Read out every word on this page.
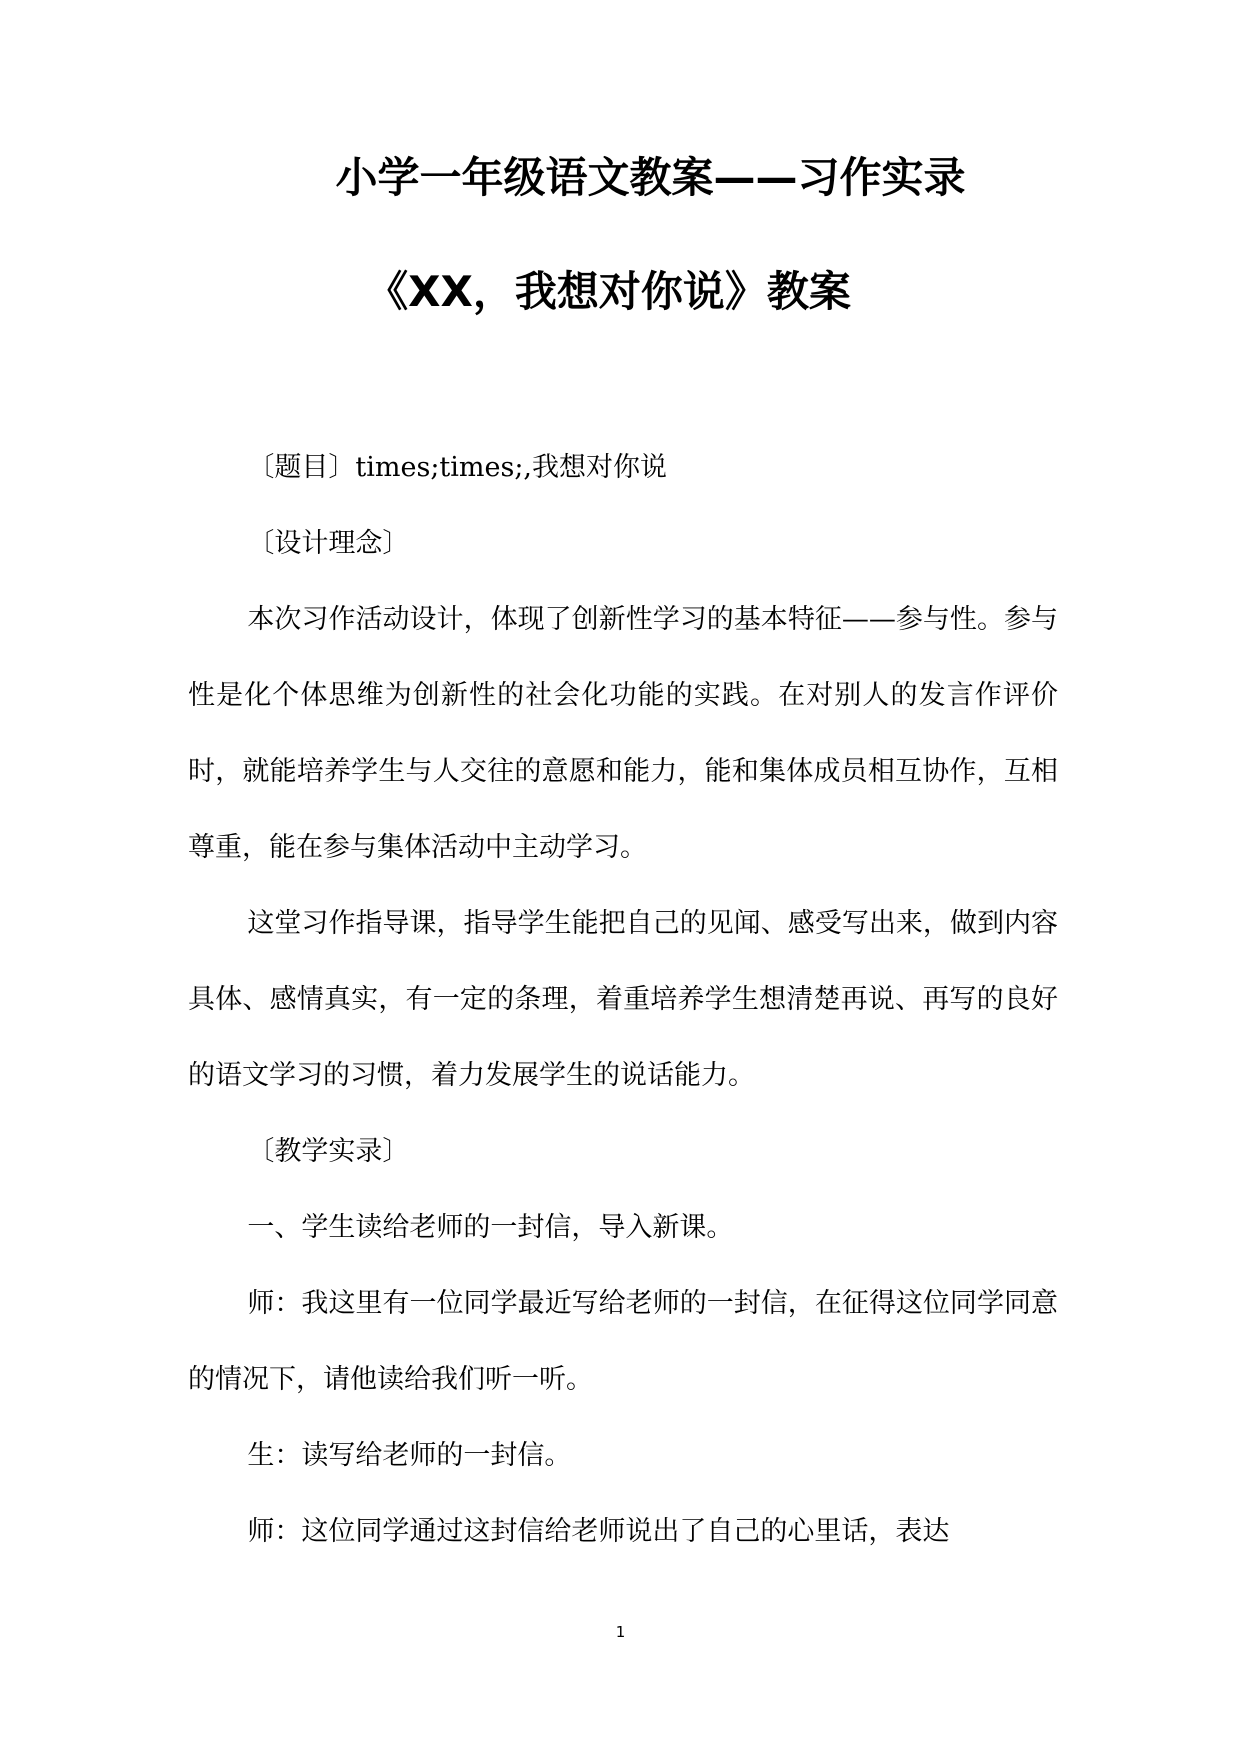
小学一年级语文教案——习作实录
《XX，我想对你说》教案

〔题目〕times;times;,我想对你说

〔设计理念〕

本次习作活动设计，体现了创新性学习的基本特征——参与性。参与性是化个体思维为创新性的社会化功能的实践。在对别人的发言作评价时，就能培养学生与人交往的意愿和能力，能和集体成员相互协作，互相尊重，能在参与集体活动中主动学习。

这堂习作指导课，指导学生能把自己的见闻、感受写出来，做到内容具体、感情真实，有一定的条理，着重培养学生想清楚再说、再写的良好的语文学习的习惯，着力发展学生的说话能力。

〔教学实录〕

一、学生读给老师的一封信，导入新课。

师：我这里有一位同学最近写给老师的一封信，在征得这位同学同意的情况下，请他读给我们听一听。

生：读写给老师的一封信。

师：这位同学通过这封信给老师说出了自己的心里话，表达

1
